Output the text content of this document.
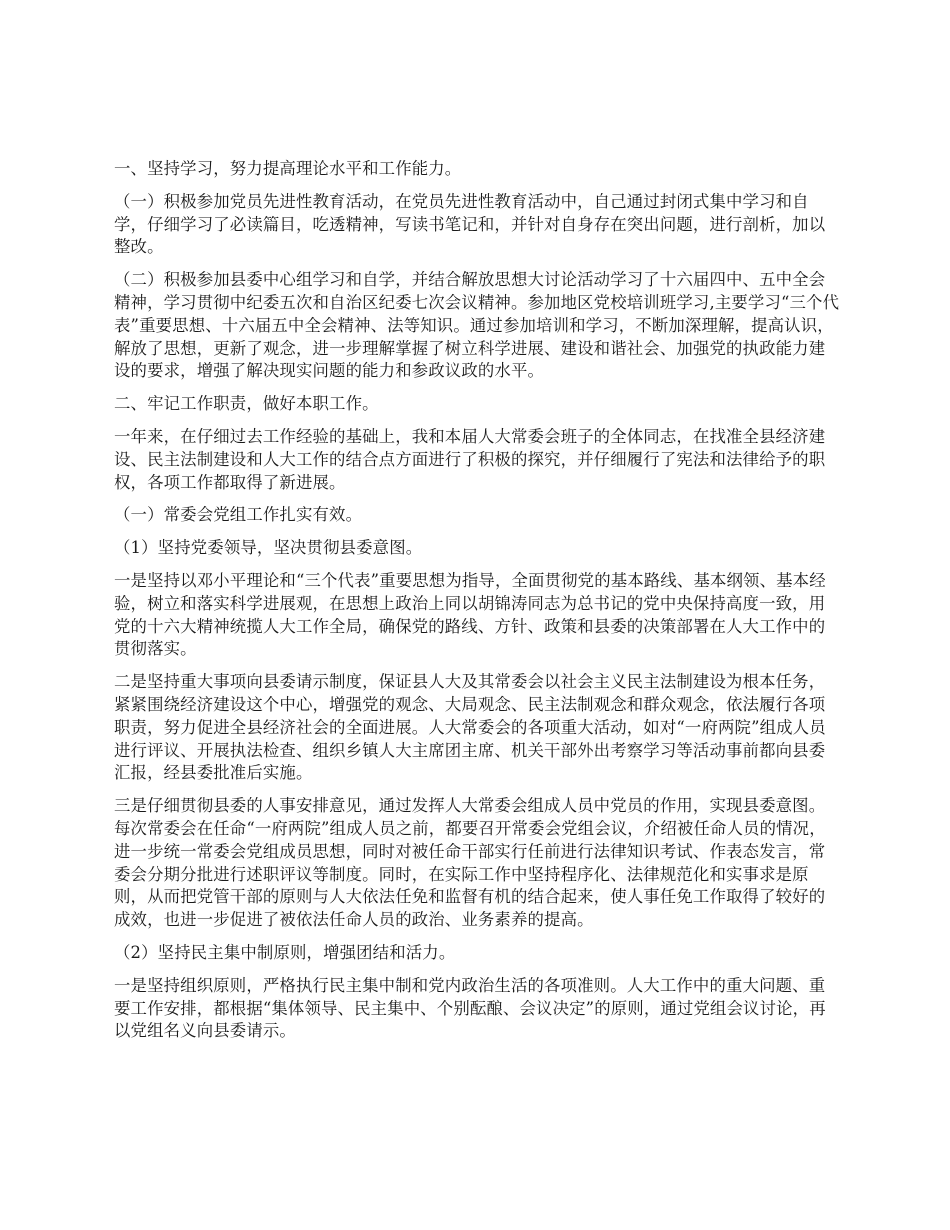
一、坚持学习，努力提高理论水平和工作能力。

（一）积极参加党员先进性教育活动，在党员先进性教育活动中，自己通过封闭式集中学习和自学，仔细学习了必读篇目，吃透精神，写读书笔记和，并针对自身存在突出问题，进行剖析，加以整改。

（二）积极参加县委中心组学习和自学，并结合解放思想大讨论活动学习了十六届四中、五中全会精神，学习贯彻中纪委五次和自治区纪委七次会议精神。参加地区党校培训班学习,主要学习“三个代表”重要思想、十六届五中全会精神、法等知识。通过参加培训和学习，不断加深理解，提高认识，解放了思想，更新了观念，进一步理解掌握了树立科学进展、建设和谐社会、加强党的执政能力建设的要求，增强了解决现实问题的能力和参政议政的水平。

二、牢记工作职责，做好本职工作。

一年来，在仔细过去工作经验的基础上，我和本届人大常委会班子的全体同志，在找准全县经济建设、民主法制建设和人大工作的结合点方面进行了积极的探究，并仔细履行了宪法和法律给予的职权，各项工作都取得了新进展。

（一）常委会党组工作扎实有效。

（1）坚持党委领导，坚决贯彻县委意图。

一是坚持以邓小平理论和“三个代表”重要思想为指导，全面贯彻党的基本路线、基本纲领、基本经验，树立和落实科学进展观，在思想上政治上同以胡锦涛同志为总书记的党中央保持高度一致，用党的十六大精神统揽人大工作全局，确保党的路线、方针、政策和县委的决策部署在人大工作中的贯彻落实。

二是坚持重大事项向县委请示制度，保证县人大及其常委会以社会主义民主法制建设为根本任务，紧紧围绕经济建设这个中心，增强党的观念、大局观念、民主法制观念和群众观念，依法履行各项职责，努力促进全县经济社会的全面进展。人大常委会的各项重大活动，如对“一府两院”组成人员进行评议、开展执法检查、组织乡镇人大主席团主席、机关干部外出考察学习等活动事前都向县委汇报，经县委批准后实施。

三是仔细贯彻县委的人事安排意见，通过发挥人大常委会组成人员中党员的作用，实现县委意图。每次常委会在任命“一府两院”组成人员之前，都要召开常委会党组会议，介绍被任命人员的情况，进一步统一常委会党组成员思想，同时对被任命干部实行任前进行法律知识考试、作表态发言，常委会分期分批进行述职评议等制度。同时，在实际工作中坚持程序化、法律规范化和实事求是原则，从而把党管干部的原则与人大依法任免和监督有机的结合起来，使人事任免工作取得了较好的成效，也进一步促进了被依法任命人员的政治、业务素养的提高。

（2）坚持民主集中制原则，增强团结和活力。

一是坚持组织原则，严格执行民主集中制和党内政治生活的各项准则。人大工作中的重大问题、重要工作安排，都根据“集体领导、民主集中、个别酝酿、会议决定”的原则，通过党组会议讨论，再以党组名义向县委请示。
